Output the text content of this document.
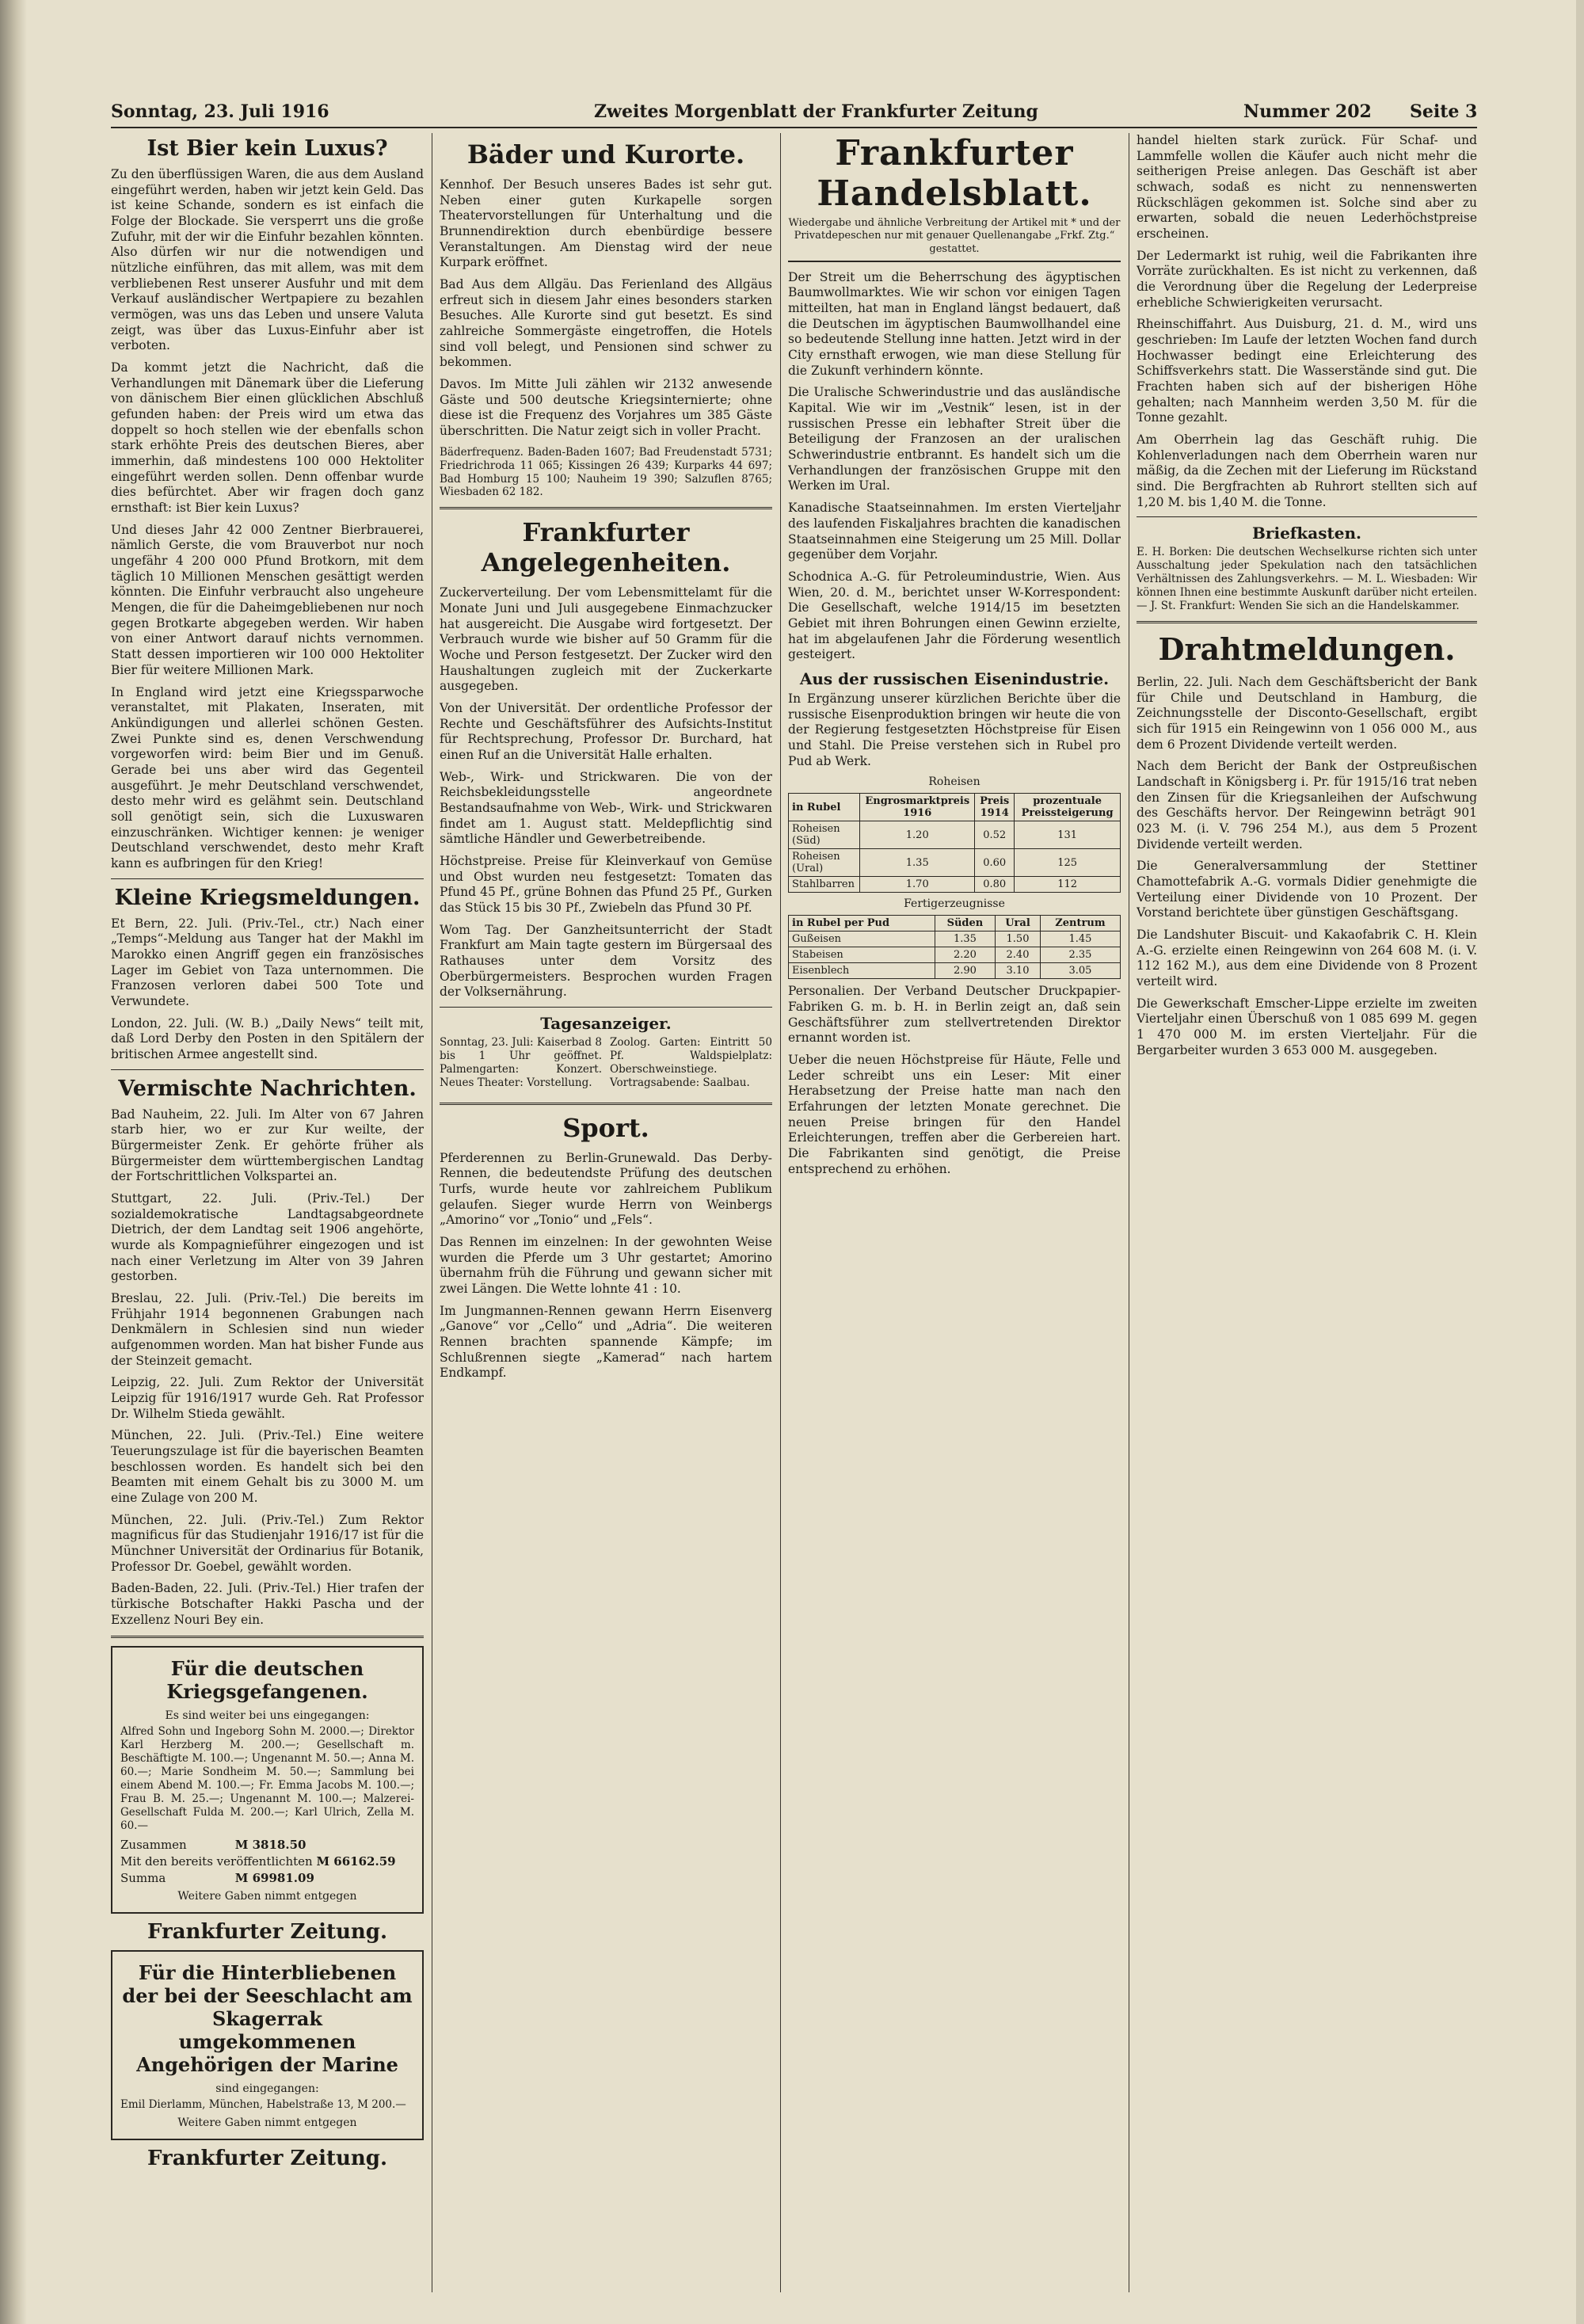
Sonntag, 23. Juli 1916	Zweites Morgenblatt der Frankfurter Zeitung	Nummer 202 Seite 3
Ist Bier kein Luxus?

Zu den überflüssigen Waren, die aus dem Ausland eingeführt werden, haben wir jetzt kein Geld. Das ist keine Schande, sondern es ist einfach die Folge der Blockade. Sie versperrt uns die große Zufuhr, mit der wir die Einfuhr bezahlen könnten. Also dürfen wir nur die notwendigen und nützliche einführen, das mit allem, was mit dem verbliebenen Rest unserer Ausfuhr und mit dem Verkauf ausländischer Wertpapiere zu bezahlen vermögen, was uns das Leben und unsere Valuta zeigt, was über das Luxus-Einfuhr aber ist verboten.

Da kommt jetzt die Nachricht, daß die Verhandlungen mit Dänemark über die Lieferung von dänischem Bier einen glücklichen Abschluß gefunden haben: der Preis wird um etwa das doppelt so hoch stellen wie der ebenfalls schon stark erhöhte Preis des deutschen Bieres, aber immerhin, daß mindestens 100 000 Hektoliter eingeführt werden sollen. Denn offenbar wurde dies befürchtet. Aber wir fragen doch ganz ernsthaft: ist Bier kein Luxus?

Und dieses Jahr 42 000 Zentner Bierbrauerei, nämlich Gerste, die vom Brauverbot nur noch ungefähr 4 200 000 Pfund Brotkorn, mit dem täglich 10 Millionen Menschen gesättigt werden könnten. Die Einfuhr verbraucht also ungeheure Mengen, die für die Daheimgebliebenen nur noch gegen Brotkarte abgegeben werden. Wir haben von einer Antwort darauf nichts vernommen. Statt dessen importieren wir 100 000 Hektoliter Bier für weitere Millionen Mark.

In England wird jetzt eine Kriegssparwoche veranstaltet, mit Plakaten, Inseraten, mit Ankündigungen und allerlei schönen Gesten. Zwei Punkte sind es, denen Verschwendung vorgeworfen wird: beim Bier und im Genuß. Gerade bei uns aber wird das Gegenteil ausgeführt. Je mehr Deutschland verschwendet, desto mehr wird es gelähmt sein. Deutschland soll genötigt sein, sich die Luxuswaren einzuschränken. Wichtiger kennen: je weniger Deutschland verschwendet, desto mehr Kraft kann es aufbringen für den Krieg!

Kleine Kriegsmeldungen.

Et Bern, 22. Juli. (Priv.-Tel., ctr.) Nach einer „Temps“-Meldung aus Tanger hat der Makhl im Marokko einen Angriff gegen ein französisches Lager im Gebiet von Taza unternommen. Die Franzosen verloren dabei 500 Tote und Verwundete.

London, 22. Juli. (W. B.) „Daily News“ teilt mit, daß Lord Derby den Posten in den Spitälern der britischen Armee angestellt sind.

Vermischte Nachrichten.

Bad Nauheim, 22. Juli. Im Alter von 67 Jahren starb hier, wo er zur Kur weilte, der Bürgermeister Zenk. Er gehörte früher als Bürgermeister dem württembergischen Landtag der Fortschrittlichen Volkspartei an.

Stuttgart, 22. Juli. (Priv.-Tel.) Der sozialdemokratische Landtagsabgeordnete Dietrich, der dem Landtag seit 1906 angehörte, wurde als Kompagnieführer eingezogen und ist nach einer Verletzung im Alter von 39 Jahren gestorben.

Breslau, 22. Juli. (Priv.-Tel.) Die bereits im Frühjahr 1914 begonnenen Grabungen nach Denkmälern in Schlesien sind nun wieder aufgenommen worden. Man hat bisher Funde aus der Steinzeit gemacht.

Leipzig, 22. Juli. Zum Rektor der Universität Leipzig für 1916/1917 wurde Geh. Rat Professor Dr. Wilhelm Stieda gewählt.

München, 22. Juli. (Priv.-Tel.) Eine weitere Teuerungszulage ist für die bayerischen Beamten beschlossen worden. Es handelt sich bei den Beamten mit einem Gehalt bis zu 3000 M. um eine Zulage von 200 M.

München, 22. Juli. (Priv.-Tel.) Zum Rektor magnificus für das Studienjahr 1916/17 ist für die Münchner Universität der Ordinarius für Botanik, Professor Dr. Goebel, gewählt worden.

Baden-Baden, 22. Juli. (Priv.-Tel.) Hier trafen der türkische Botschafter Hakki Pascha und der Exzellenz Nouri Bey ein.

Für die deutschen Kriegsgefangenen.
Es sind weiter bei uns eingegangen:

Alfred Sohn und Ingeborg Sohn M. 2000.—; Direktor Karl Herzberg M. 200.—; Gesellschaft m. Beschäftigte M. 100.—; Ungenannt M. 50.—; Anna M. 60.—; Marie Sondheim M. 50.—; Sammlung bei einem Abend M. 100.—; Fr. Emma Jacobs M. 100.—; Frau B. M. 25.—; Ungenannt M. 100.—; Malzerei-Gesellschaft Fulda M. 200.—; Karl Ulrich, Zella M. 60.—

Zusammen	M 3818.50
Mit den bereits veröffentlichten M 66162.59
Summa	M 69981.09
Weitere Gaben nimmt entgegen
Frankfurter Zeitung.
Für die Hinterbliebenen der bei der Seeschlacht am Skagerrak umgekommenen Angehörigen der Marine
sind eingegangen:

Emil Dierlamm, München, Habelstraße 13, M 200.—

Weitere Gaben nimmt entgegen
Frankfurter Zeitung.
Bäder und Kurorte.

Kennhof. Der Besuch unseres Bades ist sehr gut. Neben einer guten Kurkapelle sorgen Theatervorstellungen für Unterhaltung und die Brunnendirektion durch ebenbürdige bessere Veranstaltungen. Am Dienstag wird der neue Kurpark eröffnet.

Bad Aus dem Allgäu. Das Ferienland des Allgäus erfreut sich in diesem Jahr eines besonders starken Besuches. Alle Kurorte sind gut besetzt. Es sind zahlreiche Sommergäste eingetroffen, die Hotels sind voll belegt, und Pensionen sind schwer zu bekommen.

Davos. Im Mitte Juli zählen wir 2132 anwesende Gäste und 500 deutsche Kriegsinternierte; ohne diese ist die Frequenz des Vorjahres um 385 Gäste überschritten. Die Natur zeigt sich in voller Pracht.

Bäderfrequenz. Baden-Baden 1607; Bad Freudenstadt 5731; Friedrichroda 11 065; Kissingen 26 439; Kurparks 44 697; Bad Homburg 15 100; Nauheim 19 390; Salzuflen 8765; Wiesbaden 62 182.

Frankfurter Angelegenheiten.

Zuckerverteilung. Der vom Lebensmittelamt für die Monate Juni und Juli ausgegebene Einmachzucker hat ausgereicht. Die Ausgabe wird fortgesetzt. Der Verbrauch wurde wie bisher auf 50 Gramm für die Woche und Person festgesetzt. Der Zucker wird den Haushaltungen zugleich mit der Zuckerkarte ausgegeben.

Von der Universität. Der ordentliche Professor der Rechte und Geschäftsführer des Aufsichts-Institut für Rechtsprechung, Professor Dr. Burchard, hat einen Ruf an die Universität Halle erhalten.

Web-, Wirk- und Strickwaren. Die von der Reichsbekleidungsstelle angeordnete Bestandsaufnahme von Web-, Wirk- und Strickwaren findet am 1. August statt. Meldepflichtig sind sämtliche Händler und Gewerbetreibende.

Höchstpreise. Preise für Kleinverkauf von Gemüse und Obst wurden neu festgesetzt: Tomaten das Pfund 45 Pf., grüne Bohnen das Pfund 25 Pf., Gurken das Stück 15 bis 30 Pf., Zwiebeln das Pfund 30 Pf.

Wom Tag. Der Ganzheitsunterricht der Stadt Frankfurt am Main tagte gestern im Bürgersaal des Rathauses unter dem Vorsitz des Oberbürgermeisters. Besprochen wurden Fragen der Volksernährung.

Tagesanzeiger.

Sonntag, 23. Juli: Kaiserbad 8 bis 1 Uhr geöffnet. Palmengarten: Konzert. Neues Theater: Vorstellung.

Zoolog. Garten: Eintritt 50 Pf. Waldspielplatz: Oberschweinstiege. Vortragsabende: Saalbau.

Sport.

Pferderennen zu Berlin-Grunewald. Das Derby-Rennen, die bedeutendste Prüfung des deutschen Turfs, wurde heute vor zahlreichem Publikum gelaufen. Sieger wurde Herrn von Weinbergs „Amorino“ vor „Tonio“ und „Fels“.

Das Rennen im einzelnen: In der gewohnten Weise wurden die Pferde um 3 Uhr gestartet; Amorino übernahm früh die Führung und gewann sicher mit zwei Längen. Die Wette lohnte 41 : 10.

Im Jungmannen-Rennen gewann Herrn Eisenverg „Ganove“ vor „Cello“ und „Adria“. Die weiteren Rennen brachten spannende Kämpfe; im Schlußrennen siegte „Kamerad“ nach hartem Endkampf.

Frankfurter Handelsblatt.
Wiedergabe und ähnliche Verbreitung der Artikel mit * und der Privatdepeschen nur mit genauer Quellenangabe „Frkf. Ztg.“ gestattet.

Der Streit um die Beherrschung des ägyptischen Baumwollmarktes. Wie wir schon vor einigen Tagen mitteilten, hat man in England längst bedauert, daß die Deutschen im ägyptischen Baumwollhandel eine so bedeutende Stellung inne hatten. Jetzt wird in der City ernsthaft erwogen, wie man diese Stellung für die Zukunft verhindern könnte.

Die Uralische Schwerindustrie und das ausländische Kapital. Wie wir im „Vestnik“ lesen, ist in der russischen Presse ein lebhafter Streit über die Beteiligung der Franzosen an der uralischen Schwerindustrie entbrannt. Es handelt sich um die Verhandlungen der französischen Gruppe mit den Werken im Ural.

Kanadische Staatseinnahmen. Im ersten Vierteljahr des laufenden Fiskaljahres brachten die kanadischen Staatseinnahmen eine Steigerung um 25 Mill. Dollar gegenüber dem Vorjahr.

Schodnica A.-G. für Petroleumindustrie, Wien. Aus Wien, 20. d. M., berichtet unser W-Korrespondent: Die Gesellschaft, welche 1914/15 im besetzten Gebiet mit ihren Bohrungen einen Gewinn erzielte, hat im abgelaufenen Jahr die Förderung wesentlich gesteigert.

Aus der russischen Eisenindustrie.

In Ergänzung unserer kürzlichen Berichte über die russische Eisenproduktion bringen wir heute die von der Regierung festgesetzten Höchstpreise für Eisen und Stahl. Die Preise verstehen sich in Rubel pro Pud ab Werk.

Roheisen
in Rubel	Engrosmarktpreis 1916	Preis 1914	prozentuale Preissteigerung
Roheisen (Süd)	1.20	0.52	131
Roheisen (Ural)	1.35	0.60	125
Stahlbarren	1.70	0.80	112
Fertigerzeugnisse
in Rubel per Pud	Süden	Ural	Zentrum
Gußeisen	1.35	1.50	1.45
Stabeisen	2.20	2.40	2.35
Eisenblech	2.90	3.10	3.05

Personalien. Der Verband Deutscher Druckpapier-Fabriken G. m. b. H. in Berlin zeigt an, daß sein Geschäftsführer zum stellvertretenden Direktor ernannt worden ist.

Ueber die neuen Höchstpreise für Häute, Felle und Leder schreibt uns ein Leser: Mit einer Herabsetzung der Preise hatte man nach den Erfahrungen der letzten Monate gerechnet. Die neuen Preise bringen für den Handel Erleichterungen, treffen aber die Gerbereien hart. Die Fabrikanten sind genötigt, die Preise entsprechend zu erhöhen.

handel hielten stark zurück. Für Schaf- und Lammfelle wollen die Käufer auch nicht mehr die seitherigen Preise anlegen. Das Geschäft ist aber schwach, sodaß es nicht zu nennenswerten Rückschlägen gekommen ist. Solche sind aber zu erwarten, sobald die neuen Lederhöchstpreise erscheinen.

Der Ledermarkt ist ruhig, weil die Fabrikanten ihre Vorräte zurückhalten. Es ist nicht zu verkennen, daß die Verordnung über die Regelung der Lederpreise erhebliche Schwierigkeiten verursacht.

Rheinschiffahrt. Aus Duisburg, 21. d. M., wird uns geschrieben: Im Laufe der letzten Wochen fand durch Hochwasser bedingt eine Erleichterung des Schiffsverkehrs statt. Die Wasserstände sind gut. Die Frachten haben sich auf der bisherigen Höhe gehalten; nach Mannheim werden 3,50 M. für die Tonne gezahlt.

Am Oberrhein lag das Geschäft ruhig. Die Kohlenverladungen nach dem Oberrhein waren nur mäßig, da die Zechen mit der Lieferung im Rückstand sind. Die Bergfrachten ab Ruhrort stellten sich auf 1,20 M. bis 1,40 M. die Tonne.

Briefkasten.

E. H. Borken: Die deutschen Wechselkurse richten sich unter Ausschaltung jeder Spekulation nach den tatsächlichen Verhältnissen des Zahlungsverkehrs. — M. L. Wiesbaden: Wir können Ihnen eine bestimmte Auskunft darüber nicht erteilen. — J. St. Frankfurt: Wenden Sie sich an die Handelskammer.

Drahtmeldungen.

Berlin, 22. Juli. Nach dem Geschäftsbericht der Bank für Chile und Deutschland in Hamburg, die Zeichnungsstelle der Disconto-Gesellschaft, ergibt sich für 1915 ein Reingewinn von 1 056 000 M., aus dem 6 Prozent Dividende verteilt werden.

Nach dem Bericht der Bank der Ostpreußischen Landschaft in Königsberg i. Pr. für 1915/16 trat neben den Zinsen für die Kriegsanleihen der Aufschwung des Geschäfts hervor. Der Reingewinn beträgt 901 023 M. (i. V. 796 254 M.), aus dem 5 Prozent Dividende verteilt werden.

Die Generalversammlung der Stettiner Chamottefabrik A.-G. vormals Didier genehmigte die Verteilung einer Dividende von 10 Prozent. Der Vorstand berichtete über günstigen Geschäftsgang.

Die Landshuter Biscuit- und Kakaofabrik C. H. Klein A.-G. erzielte einen Reingewinn von 264 608 M. (i. V. 112 162 M.), aus dem eine Dividende von 8 Prozent verteilt wird.

Die Gewerkschaft Emscher-Lippe erzielte im zweiten Vierteljahr einen Überschuß von 1 085 699 M. gegen 1 470 000 M. im ersten Vierteljahr. Für die Bergarbeiter wurden 3 653 000 M. ausgegeben.
